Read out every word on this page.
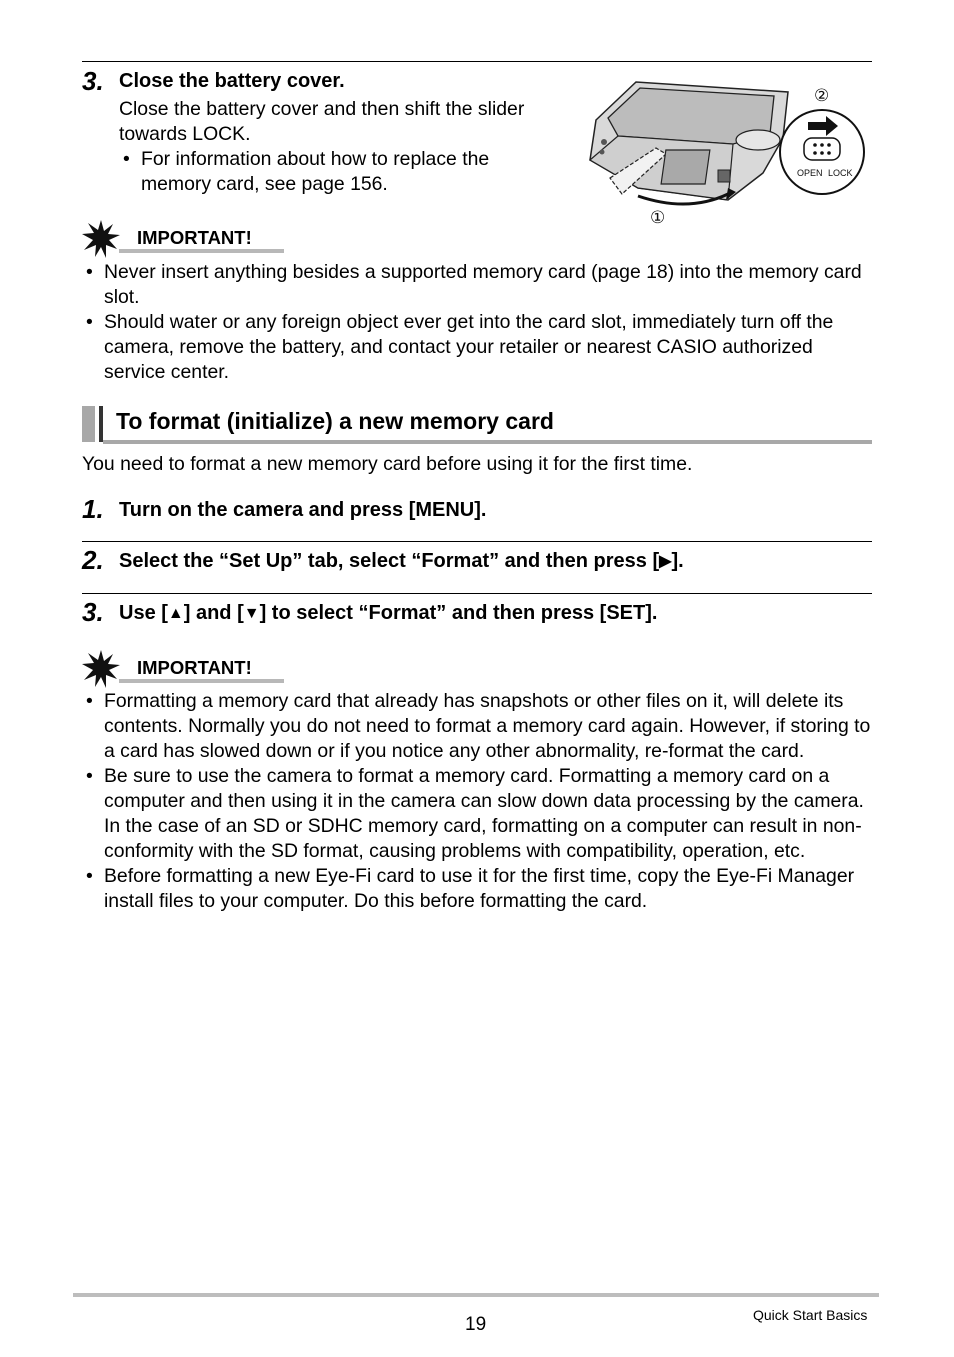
3. Close the battery cover.
Close the battery cover and then shift the slider towards LOCK.
• For information about how to replace the memory card, see page 156.	OPEN LOCK
②
①
IMPORTANT!
• Never insert anything besides a supported memory card (page 18) into the memory card slot.
• Should water or any foreign object ever get into the card slot, immediately turn off the camera, remove the battery, and contact your retailer or nearest CASIO authorized service center.
To format (initialize) a new memory card
You need to format a new memory card before using it for the first time.
1. Turn on the camera and press [MENU].
2. Select the “Set Up” tab, select “Format” and then press [▶].
3. Use [▲] and [▼] to select “Format” and then press [SET].
IMPORTANT!
• Formatting a memory card that already has snapshots or other files on it, will delete its contents. Normally you do not need to format a memory card again. However, if storing to a card has slowed down or if you notice any other abnormality, re-format the card.
• Be sure to use the camera to format a memory card. Formatting a memory card on a computer and then using it in the camera can slow down data processing by the camera. In the case of an SD or SDHC memory card, formatting on a computer can result in non-conformity with the SD format, causing problems with compatibility, operation, etc.
• Before formatting a new Eye-Fi card to use it for the first time, copy the Eye-Fi Manager install files to your computer. Do this before formatting the card.
19	Quick Start Basics
